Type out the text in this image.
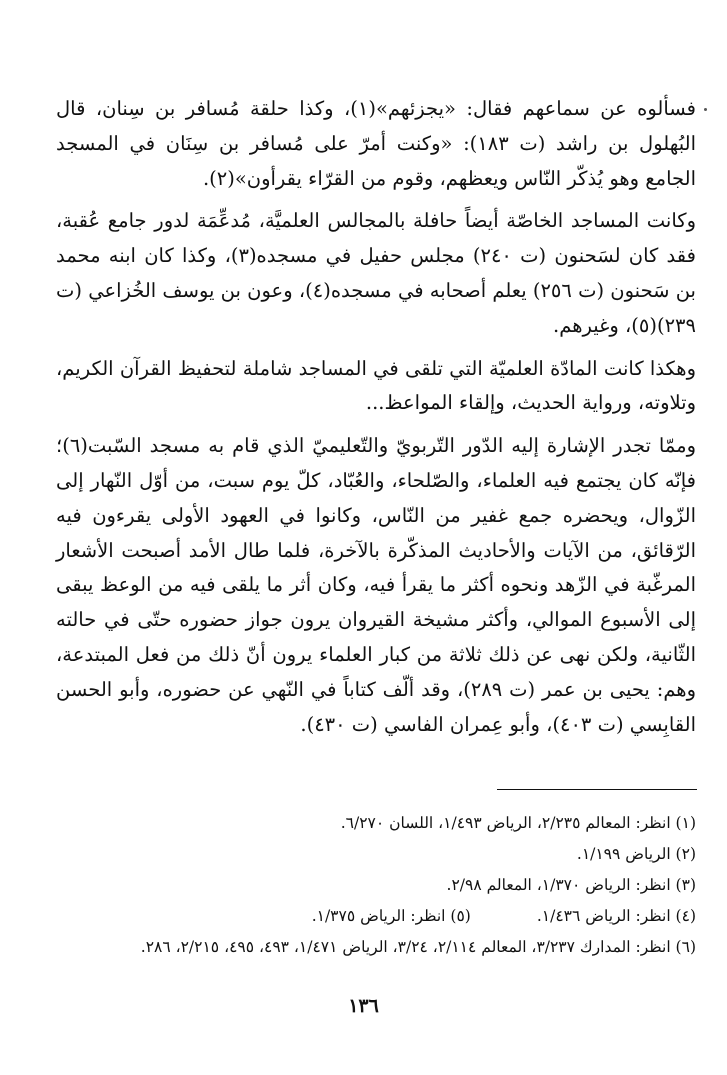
فسألوه عن سماعهم فقال: «يجزئهم»(١)، وكذا حلقة مُسافر بن سِنان، قال البُهلول بن راشد (ت ١٨٣): «وكنت أمرّ على مُسافر بن سِنَان في المسجد الجامع وهو يُذكّر النّاس ويعظهم، وقوم من القرّاء يقرأون»(٢).

وكانت المساجد الخاصّة أيضاً حافلة بالمجالس العلميَّة، مُدعِّمَة لدور جامع عُقبة، فقد كان لسَحنون (ت ٢٤٠) مجلس حفيل في مسجده(٣)، وكذا كان ابنه محمد بن سَحنون (ت ٢٥٦) يعلم أصحابه في مسجده(٤)، وعون بن يوسف الخُزاعي (ت ٢٣٩)(٥)، وغيرهم.

وهكذا كانت المادّة العلميّة التي تلقى في المساجد شاملة لتحفيظ القرآن الكريم، وتلاوته، ورواية الحديث، وإلقاء المواعظ...

وممّا تجدر الإشارة إليه الدّور التّربويّ والتّعليميّ الذي قام به مسجد السّبت(٦)؛ فإنّه كان يجتمع فيه العلماء، والصّلحاء، والعُبّاد، كلّ يوم سبت، من أوّل النّهار إلى الزّوال، ويحضره جمع غفير من النّاس، وكانوا في العهود الأولى يقرءون فيه الرّقائق، من الآيات والأحاديث المذكّرة بالآخرة، فلما طال الأمد أصبحت الأشعار المرغّبة في الزّهد ونحوه أكثر ما يقرأ فيه، وكان أثر ما يلقى فيه من الوعظ يبقى إلى الأسبوع الموالي، وأكثر مشيخة القيروان يرون جواز حضوره حتّى في حالته الثّانية، ولكن نهى عن ذلك ثلاثة من كبار العلماء يرون أنّ ذلك من فعل المبتدعة، وهم: يحيى بن عمر (ت ٢٨٩)، وقد ألّف كتاباً في النّهي عن حضوره، وأبو الحسن القابِسي (ت ٤٠٣)، وأبو عِمران الفاسي (ت ٤٣٠).

(١) انظر: المعالم ٢/٢٣٥، الرياض ١/٤٩٣، اللسان ٦/٢٧٠.

(٢) الرياض ١/١٩٩.

(٣) انظر: الرياض ١/٣٧٠، المعالم ٢/٩٨.

(٤) انظر: الرياض ١/٤٣٦.
(٥) انظر: الرياض ١/٣٧٥.

(٦) انظر: المدارك ٣/٢٣٧، المعالم ٢/١١٤، ٣/٢٤، الرياض ١/٤٧١، ٤٩٣، ٤٩٥، ٢/٢١٥، ٢٨٦.

١٣٦
